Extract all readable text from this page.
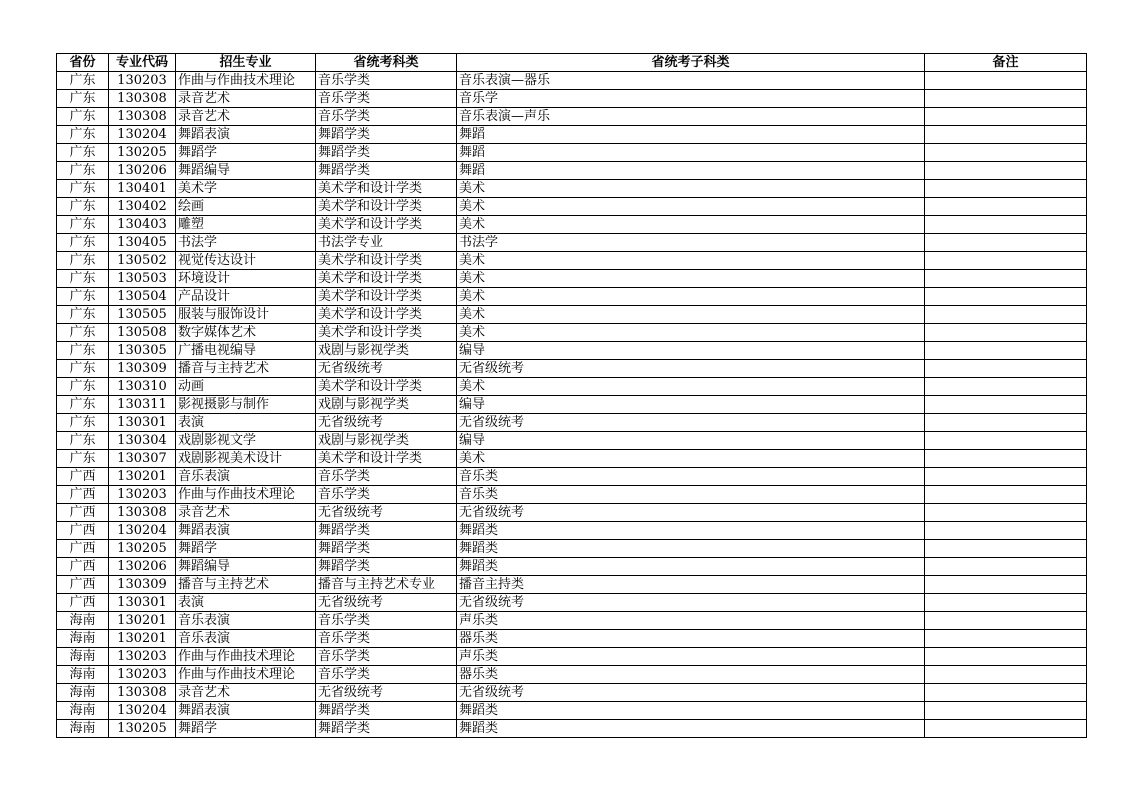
省份	专业代码	招生专业	省统考科类	省统考子科类	备注
广东	130203	作曲与作曲技术理论	音乐学类	音乐表演—器乐	
广东	130308	录音艺术	音乐学类	音乐学	
广东	130308	录音艺术	音乐学类	音乐表演—声乐	
广东	130204	舞蹈表演	舞蹈学类	舞蹈	
广东	130205	舞蹈学	舞蹈学类	舞蹈	
广东	130206	舞蹈编导	舞蹈学类	舞蹈	
广东	130401	美术学	美术学和设计学类	美术	
广东	130402	绘画	美术学和设计学类	美术	
广东	130403	雕塑	美术学和设计学类	美术	
广东	130405	书法学	书法学专业	书法学	
广东	130502	视觉传达设计	美术学和设计学类	美术	
广东	130503	环境设计	美术学和设计学类	美术	
广东	130504	产品设计	美术学和设计学类	美术	
广东	130505	服装与服饰设计	美术学和设计学类	美术	
广东	130508	数字媒体艺术	美术学和设计学类	美术	
广东	130305	广播电视编导	戏剧与影视学类	编导	
广东	130309	播音与主持艺术	无省级统考	无省级统考	
广东	130310	动画	美术学和设计学类	美术	
广东	130311	影视摄影与制作	戏剧与影视学类	编导	
广东	130301	表演	无省级统考	无省级统考	
广东	130304	戏剧影视文学	戏剧与影视学类	编导	
广东	130307	戏剧影视美术设计	美术学和设计学类	美术	
广西	130201	音乐表演	音乐学类	音乐类	
广西	130203	作曲与作曲技术理论	音乐学类	音乐类	
广西	130308	录音艺术	无省级统考	无省级统考	
广西	130204	舞蹈表演	舞蹈学类	舞蹈类	
广西	130205	舞蹈学	舞蹈学类	舞蹈类	
广西	130206	舞蹈编导	舞蹈学类	舞蹈类	
广西	130309	播音与主持艺术	播音与主持艺术专业	播音主持类	
广西	130301	表演	无省级统考	无省级统考	
海南	130201	音乐表演	音乐学类	声乐类	
海南	130201	音乐表演	音乐学类	器乐类	
海南	130203	作曲与作曲技术理论	音乐学类	声乐类	
海南	130203	作曲与作曲技术理论	音乐学类	器乐类	
海南	130308	录音艺术	无省级统考	无省级统考	
海南	130204	舞蹈表演	舞蹈学类	舞蹈类	
海南	130205	舞蹈学	舞蹈学类	舞蹈类	
